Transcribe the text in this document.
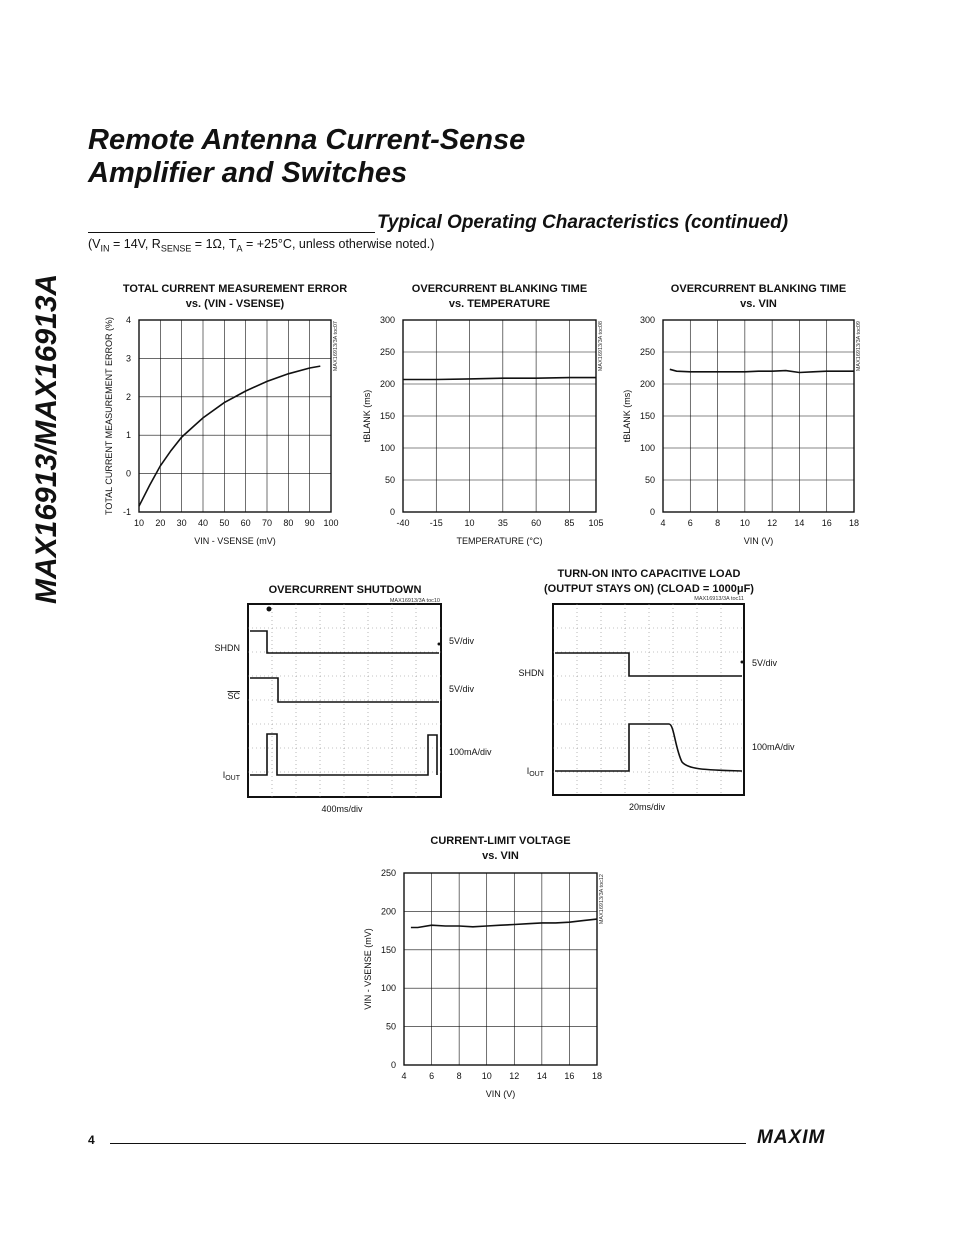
MAX16913/MAX16913A
Remote Antenna Current-Sense
Amplifier and Switches
Typical Operating Characteristics (continued)
($V_{IN} = 14V$, $R_{SENSE} = 1\Omega$, $T_A = +25^\circ C$, unless otherwise noted.)
TOTAL CURRENT MEASUREMENT ERROR
vs. (VIN - VSENSE)
10 20 30 40 50 60 70 80 90 100
-1
0
1
2
3
4
VIN - VSENSE (mV)
TOTAL CURRENT MEASUREMENT ERROR (%)	MAX16913/3A toc07
OVERCURRENT BLANKING TIME
vs. TEMPERATURE
-40 -15 10	35	60	85 105
0
50
100
150
200
250
300
TEMPERATURE (°C)
tBLANK (ms)
MAX16913/3A toc08
OVERCURRENT BLANKING TIME
vs. VIN
4 6 8 10 12 14 16 18
0
50
100
150
200
250
300
VIN (V)
tBLANK (ms)
MAX16913/3A toc09
CURRENT-LIMIT VOLTAGE
vs. VIN
4	6	8 10 12 14 16 18
0
50
100
150
200
250
VIN (V)
VIN - VSENSE (mV)
MAX16913/3A toc12
OVERCURRENT SHUTDOWN
MAX16913/3A toc10
SHDN
SC
$I_{OUT}$
5V/div
5V/div
100mA/div
400ms/div
TURN-ON INTO CAPACITIVE LOAD
(OUTPUT STAYS ON) (CLOAD = 1000μF)
MAX16913/3A toc11
SHDN
$I_{OUT}$
5V/div
100mA/div
20ms/div
4	MAXIM
